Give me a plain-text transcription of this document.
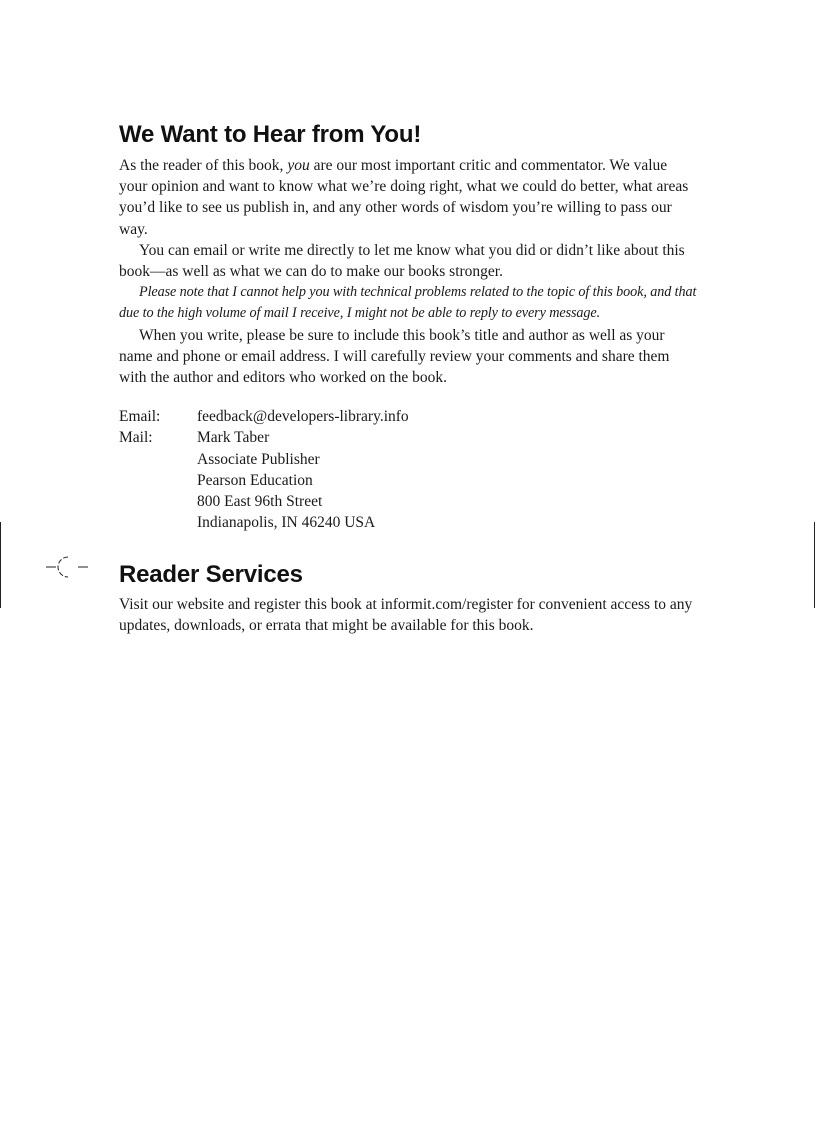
We Want to Hear from You!

As the reader of this book, you are our most important critic and commentator. We value your opinion and want to know what we’re doing right, what we could do better, what areas you’d like to see us publish in, and any other words of wisdom you’re willing to pass our way.

You can email or write me directly to let me know what you did or didn’t like about this book—as well as what we can do to make our books stronger.

Please note that I cannot help you with technical problems related to the topic of this book, and that due to the high volume of mail I receive, I might not be able to reply to every message.

When you write, please be sure to include this book’s title and author as well as your name and phone or email address. I will carefully review your comments and share them with the author and editors who worked on the book.

Email:	feedback@developers-library.info
Mail:	Mark Taber
Associate Publisher
Pearson Education
800 East 96th Street
Indianapolis, IN 46240 USA
Reader Services

Visit our website and register this book at informit.com/register for convenient access to any updates, downloads, or errata that might be available for this book.
